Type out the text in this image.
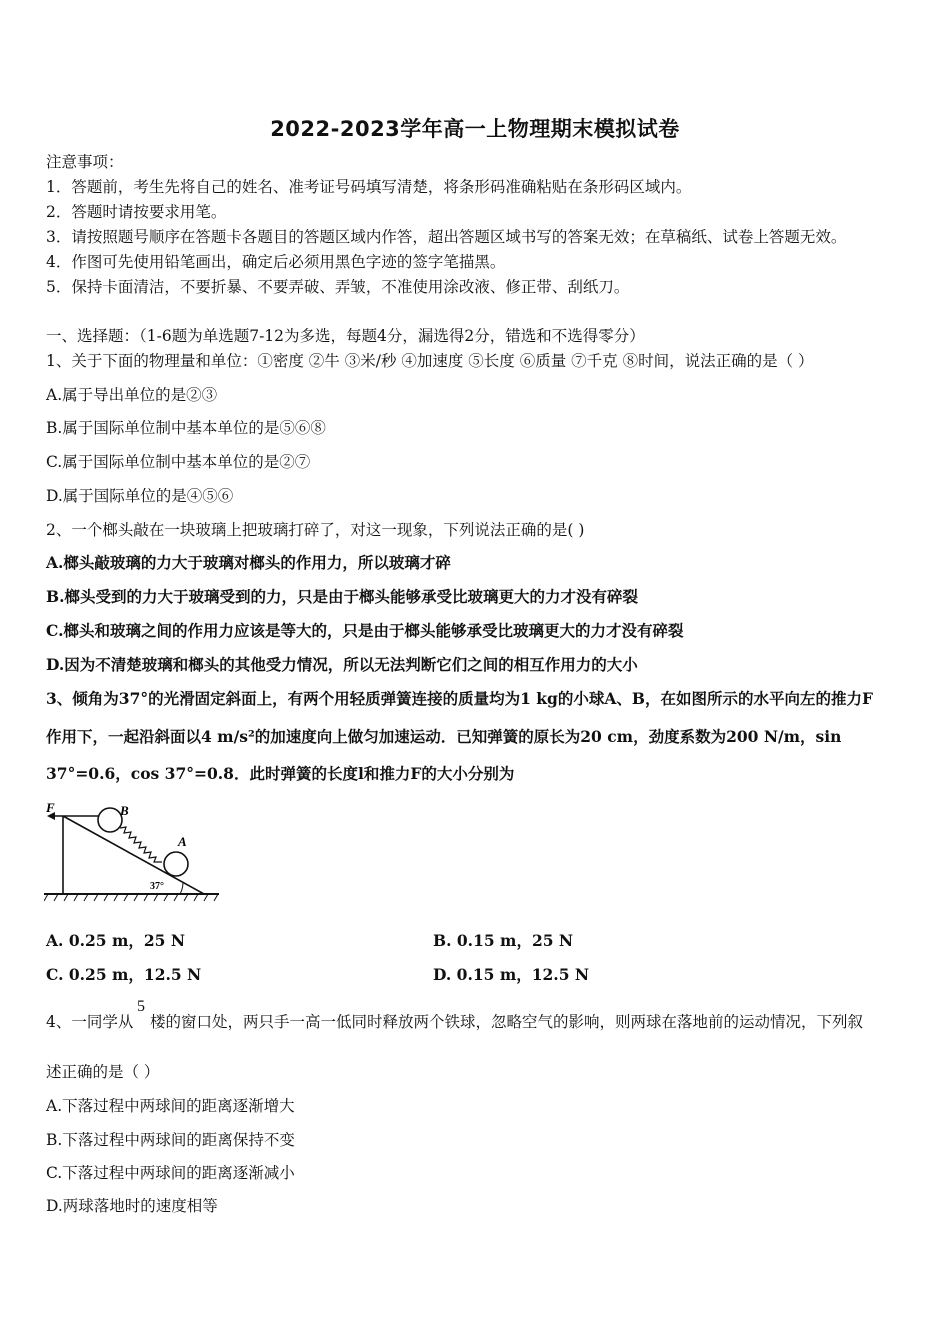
2022-2023学年高一上物理期末模拟试卷
注意事项：
1．答题前，考生先将自己的姓名、准考证号码填写清楚，将条形码准确粘贴在条形码区域内。
2．答题时请按要求用笔。
3．请按照题号顺序在答题卡各题目的答题区域内作答，超出答题区域书写的答案无效；在草稿纸、试卷上答题无效。
4．作图可先使用铅笔画出，确定后必须用黑色字迹的签字笔描黑。
5．保持卡面清洁，不要折暴、不要弄破、弄皱，不准使用涂改液、修正带、刮纸刀。
一、选择题：（1-6题为单选题7-12为多选，每题4分，漏选得2分，错选和不选得零分）
1、关于下面的物理量和单位：①密度 ②牛 ③米/秒 ④加速度 ⑤长度 ⑥质量 ⑦千克 ⑧时间，说法正确的是（ ）
A.属于导出单位的是②③
B.属于国际单位制中基本单位的是⑤⑥⑧
C.属于国际单位制中基本单位的是②⑦
D.属于国际单位的是④⑤⑥
2、一个榔头敲在一块玻璃上把玻璃打碎了，对这一现象，下列说法正确的是( )
A.榔头敲玻璃的力大于玻璃对榔头的作用力，所以玻璃才碎
B.榔头受到的力大于玻璃受到的力，只是由于榔头能够承受比玻璃更大的力才没有碎裂
C.榔头和玻璃之间的作用力应该是等大的，只是由于榔头能够承受比玻璃更大的力才没有碎裂
D.因为不清楚玻璃和榔头的其他受力情况，所以无法判断它们之间的相互作用力的大小
3、倾角为37°的光滑固定斜面上，有两个用轻质弹簧连接的质量均为1 kg的小球A、B，在如图所示的水平向左的推力F
作用下，一起沿斜面以4 m/s²的加速度向上做匀加速运动．已知弹簧的原长为20 cm，劲度系数为200 N/m，sin
37°=0.6，cos 37°=0.8．此时弹簧的长度l和推力F的大小分别为
F	B
A
37°
A. 0.25 m，25 N	B. 0.15 m，25 N
C. 0.25 m，12.5 N	D. 0.15 m，12.5 N
5
4、一同学从 楼的窗口处，两只手一高一低同时释放两个铁球，忽略空气的影响，则两球在落地前的运动情况，下列叙
述正确的是（ ）
A.下落过程中两球间的距离逐渐增大
B.下落过程中两球间的距离保持不变
C.下落过程中两球间的距离逐渐减小
D.两球落地时的速度相等
